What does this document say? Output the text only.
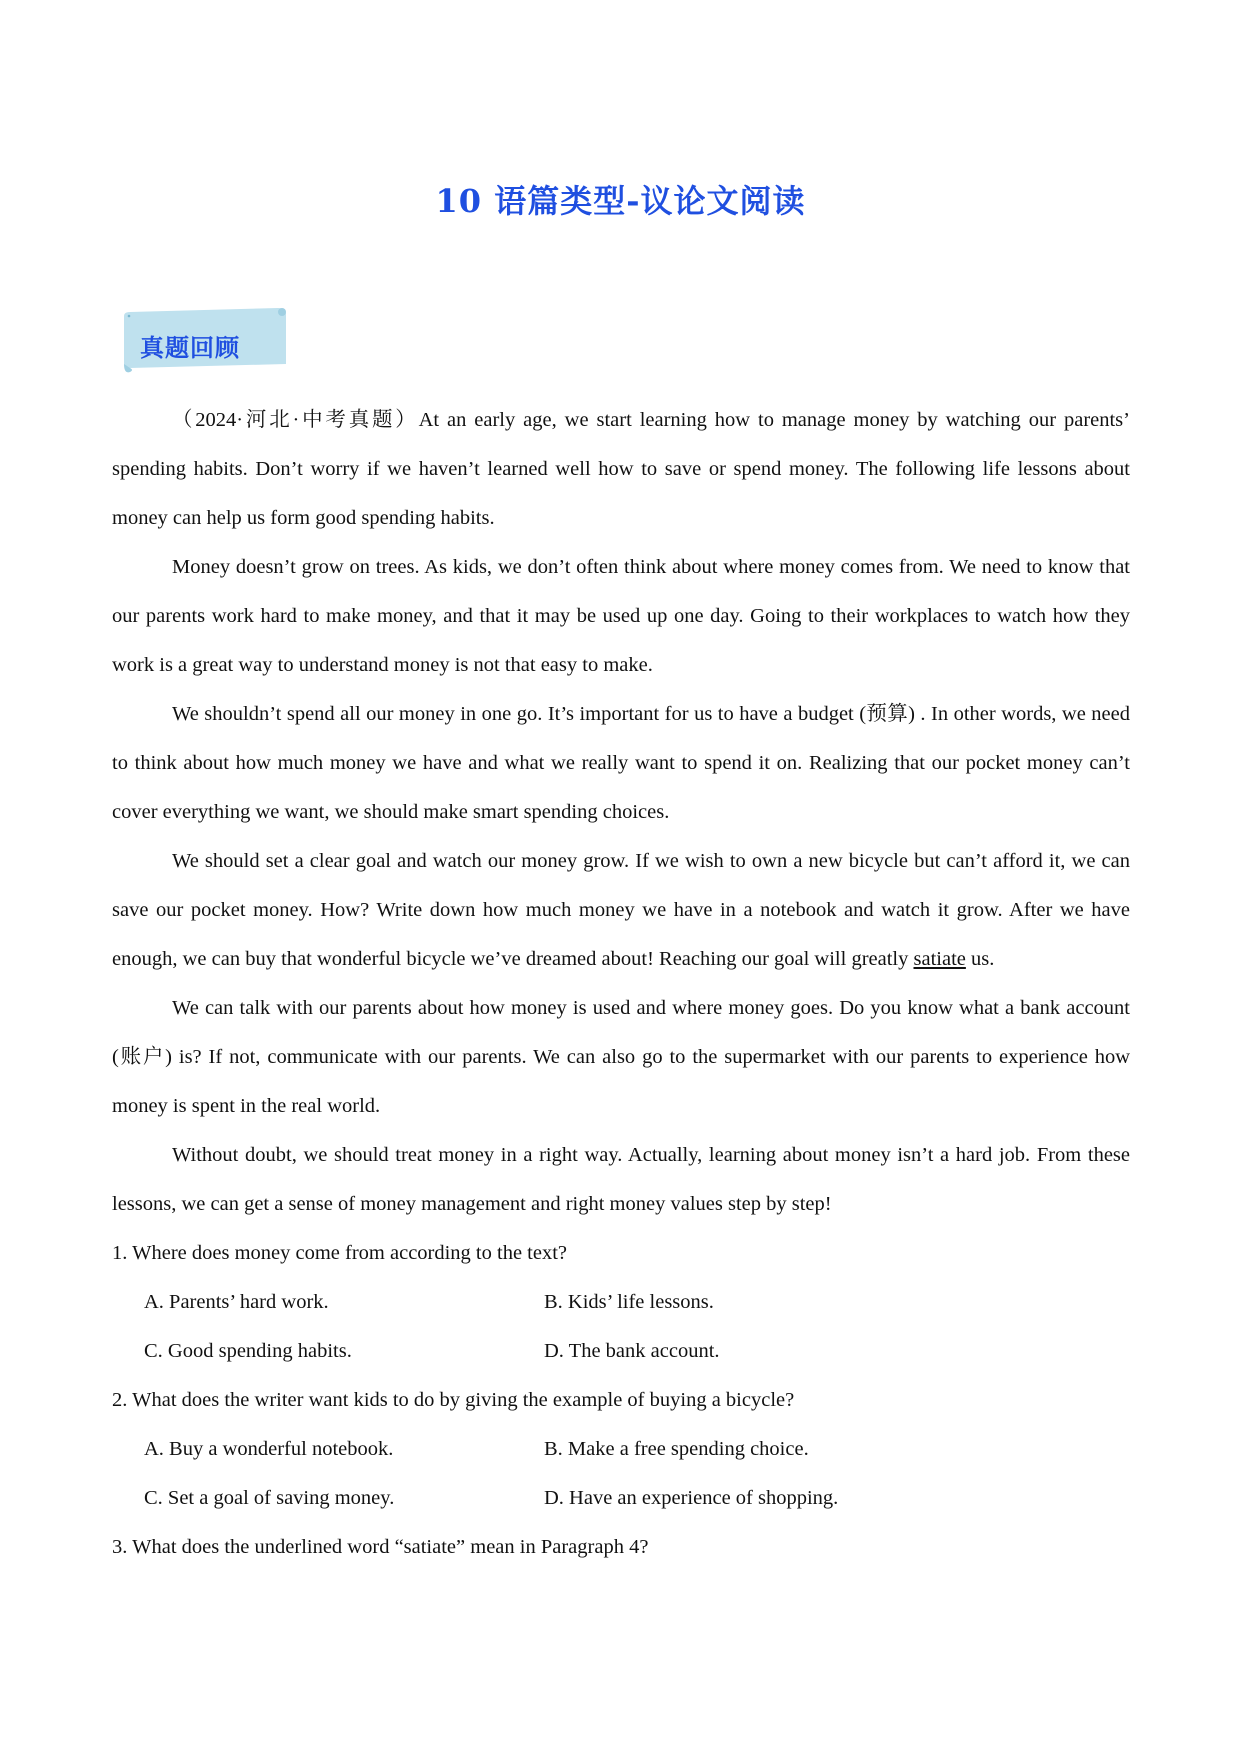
10 语篇类型-议论文阅读
真题回顾

（2024·河北·中考真题）At an early age, we start learning how to manage money by watching our parents’ spending habits. Don’t worry if we haven’t learned well how to save or spend money. The following life lessons about money can help us form good spending habits.

Money doesn’t grow on trees. As kids, we don’t often think about where money comes from. We need to know that our parents work hard to make money, and that it may be used up one day. Going to their workplaces to watch how they work is a great way to understand money is not that easy to make.

We shouldn’t spend all our money in one go. It’s important for us to have a budget (预算) . In other words, we need to think about how much money we have and what we really want to spend it on. Realizing that our pocket money can’t cover everything we want, we should make smart spending choices.

We should set a clear goal and watch our money grow. If we wish to own a new bicycle but can’t afford it, we can save our pocket money. How? Write down how much money we have in a notebook and watch it grow. After we have enough, we can buy that wonderful bicycle we’ve dreamed about! Reaching our goal will greatly satiate us.

We can talk with our parents about how money is used and where money goes. Do you know what a bank account (账户) is? If not, communicate with our parents. We can also go to the supermarket with our parents to experience how money is spent in the real world.

Without doubt, we should treat money in a right way. Actually, learning about money isn’t a hard job. From these lessons, we can get a sense of money management and right money values step by step!

1. Where does money come from according to the text?

A. Parents’ hard work.	B. Kids’ life lessons.
C. Good spending habits.	D. The bank account.

2. What does the writer want kids to do by giving the example of buying a bicycle?

A. Buy a wonderful notebook.	B. Make a free spending choice.
C. Set a goal of saving money.	D. Have an experience of shopping.

3. What does the underlined word “satiate” mean in Paragraph 4?
